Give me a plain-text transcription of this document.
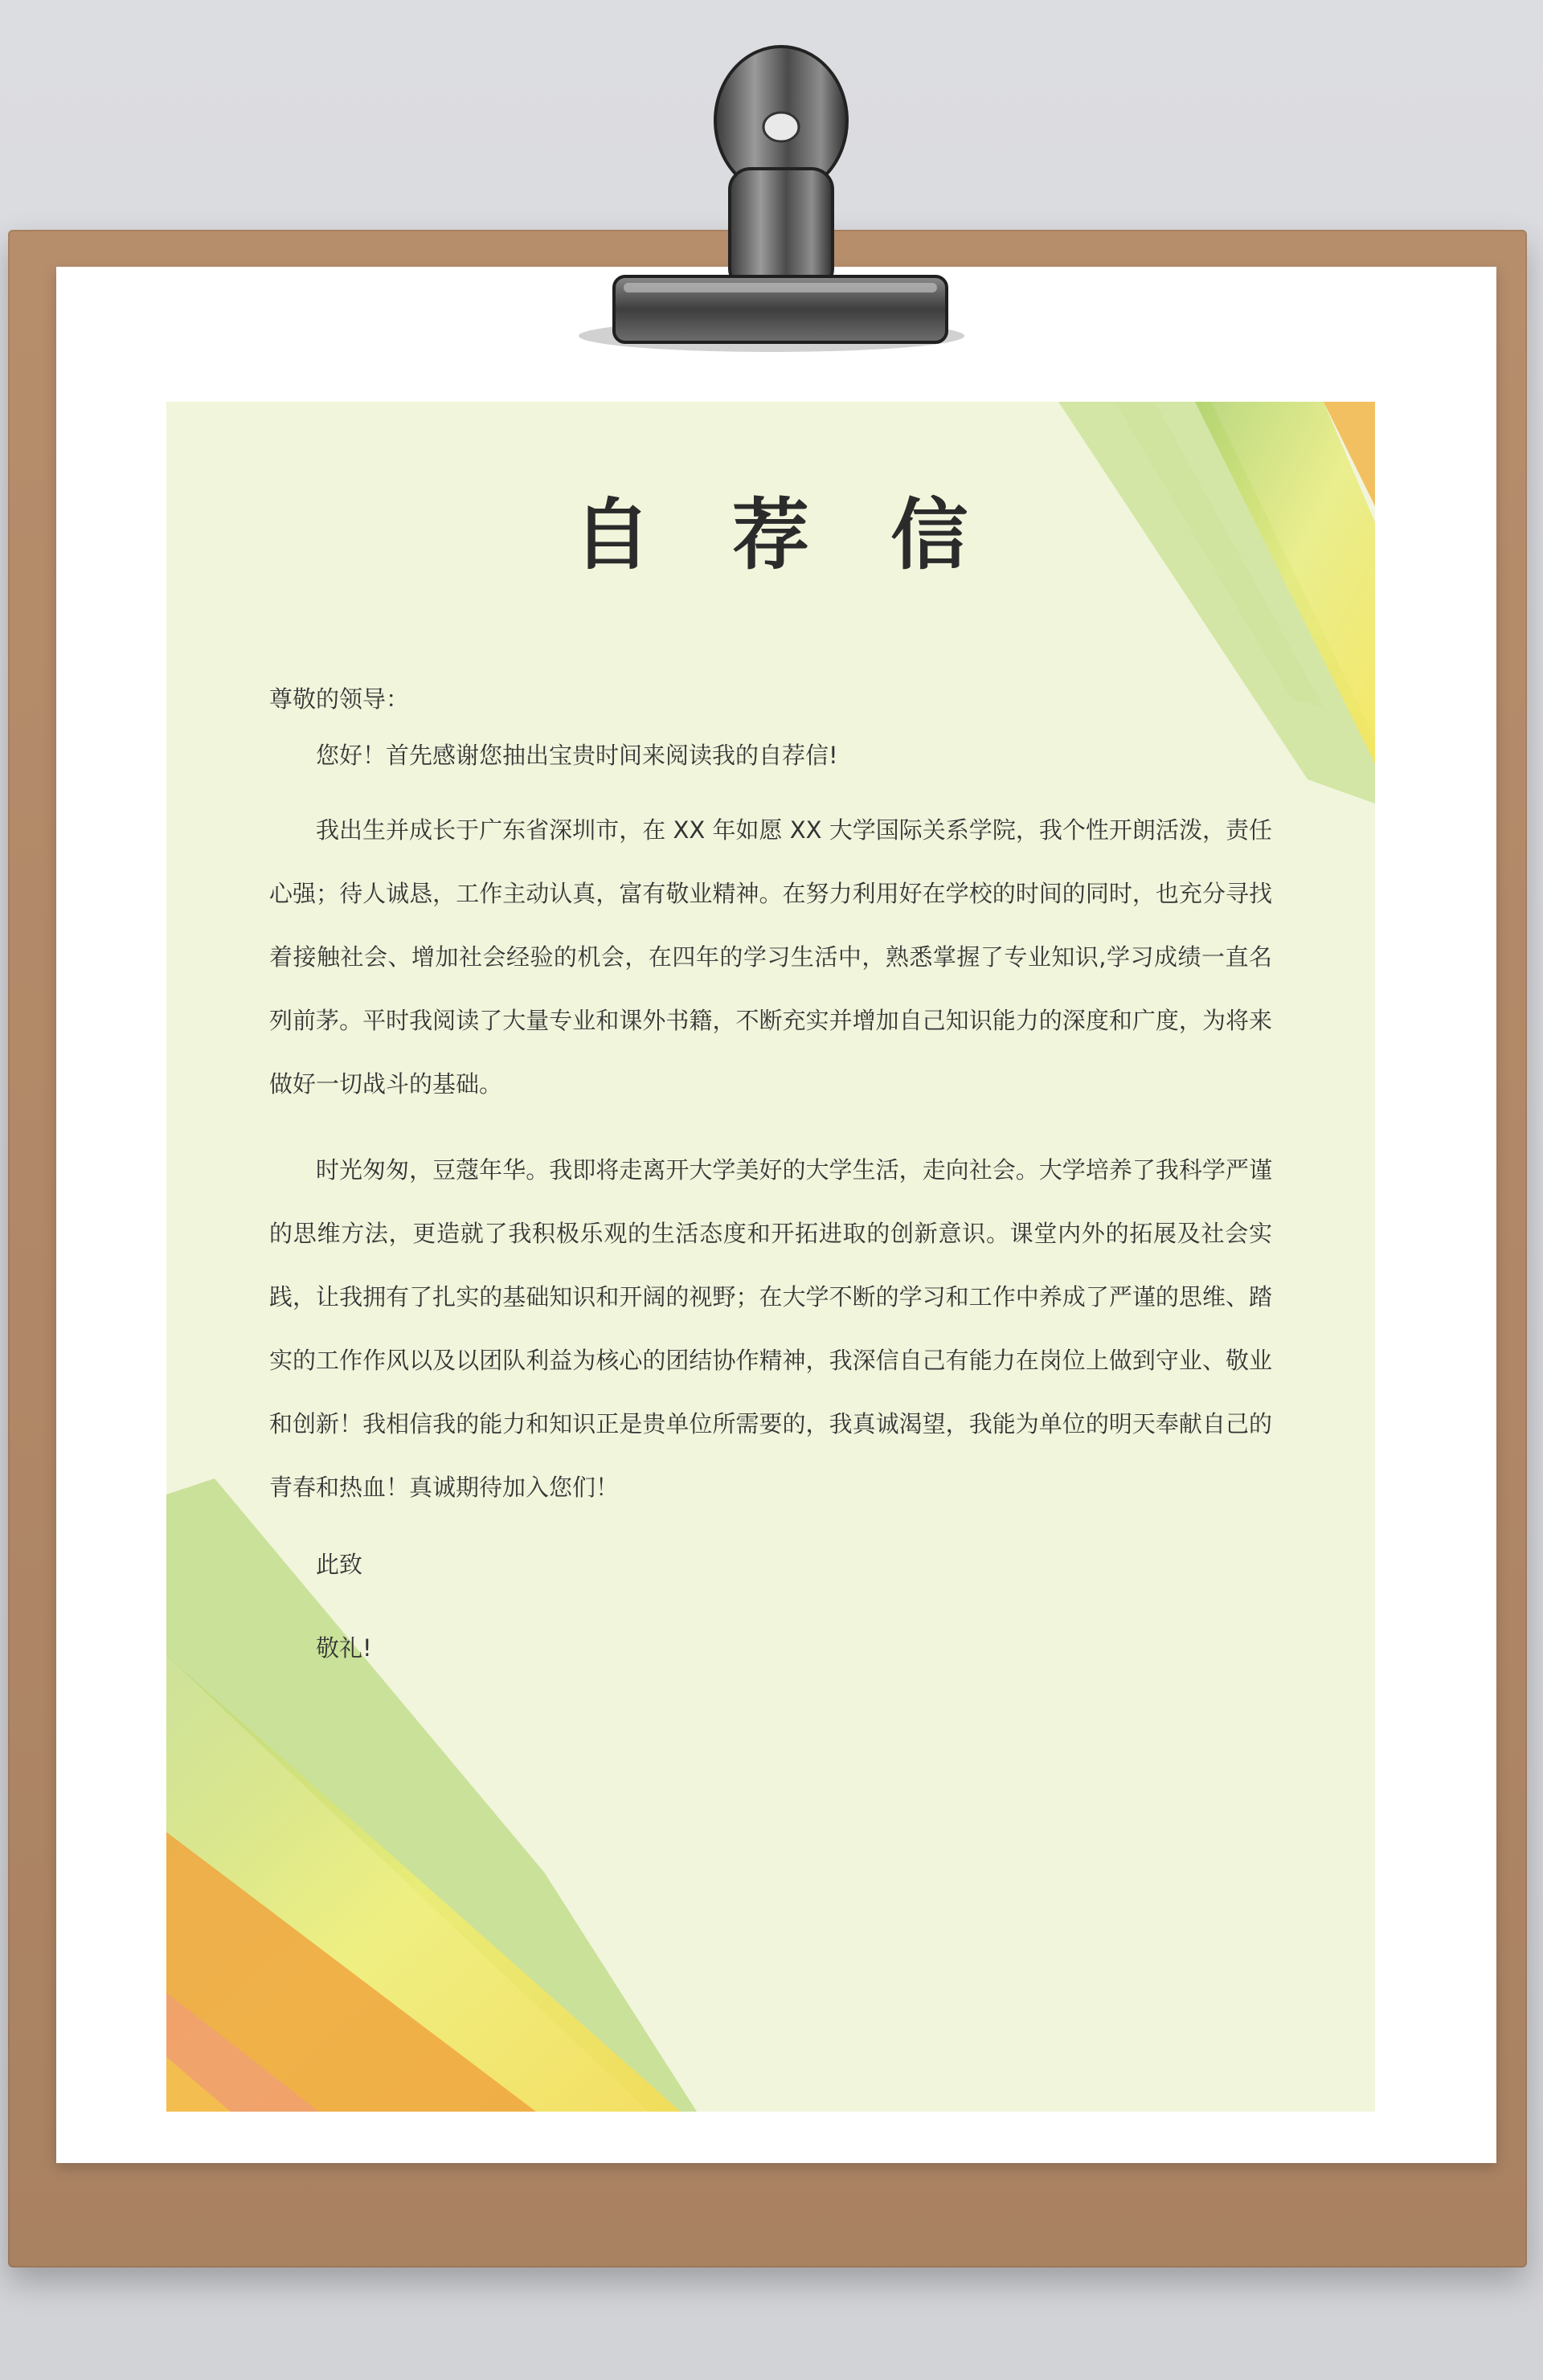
自 荐 信

尊敬的领导：

您好！首先感谢您抽出宝贵时间来阅读我的自荐信!

我出生并成长于广东省深圳市，在 XX 年如愿 XX 大学国际关系学院，我个性开朗活泼，责任心强；待人诚恳，工作主动认真，富有敬业精神。在努力利用好在学校的时间的同时，也充分寻找着接触社会、增加社会经验的机会，在四年的学习生活中，熟悉掌握了专业知识,学习成绩一直名列前茅。平时我阅读了大量专业和课外书籍，不断充实并增加自己知识能力的深度和广度，为将来做好一切战斗的基础。

时光匆匆，豆蔻年华。我即将走离开大学美好的大学生活，走向社会。大学培养了我科学严谨的思维方法，更造就了我积极乐观的生活态度和开拓进取的创新意识。课堂内外的拓展及社会实践，让我拥有了扎实的基础知识和开阔的视野；在大学不断的学习和工作中养成了严谨的思维、踏实的工作作风以及以团队利益为核心的团结协作精神，我深信自己有能力在岗位上做到守业、敬业和创新！我相信我的能力和知识正是贵单位所需要的，我真诚渴望，我能为单位的明天奉献自己的青春和热血！真诚期待加入您们！

此致

敬礼!
